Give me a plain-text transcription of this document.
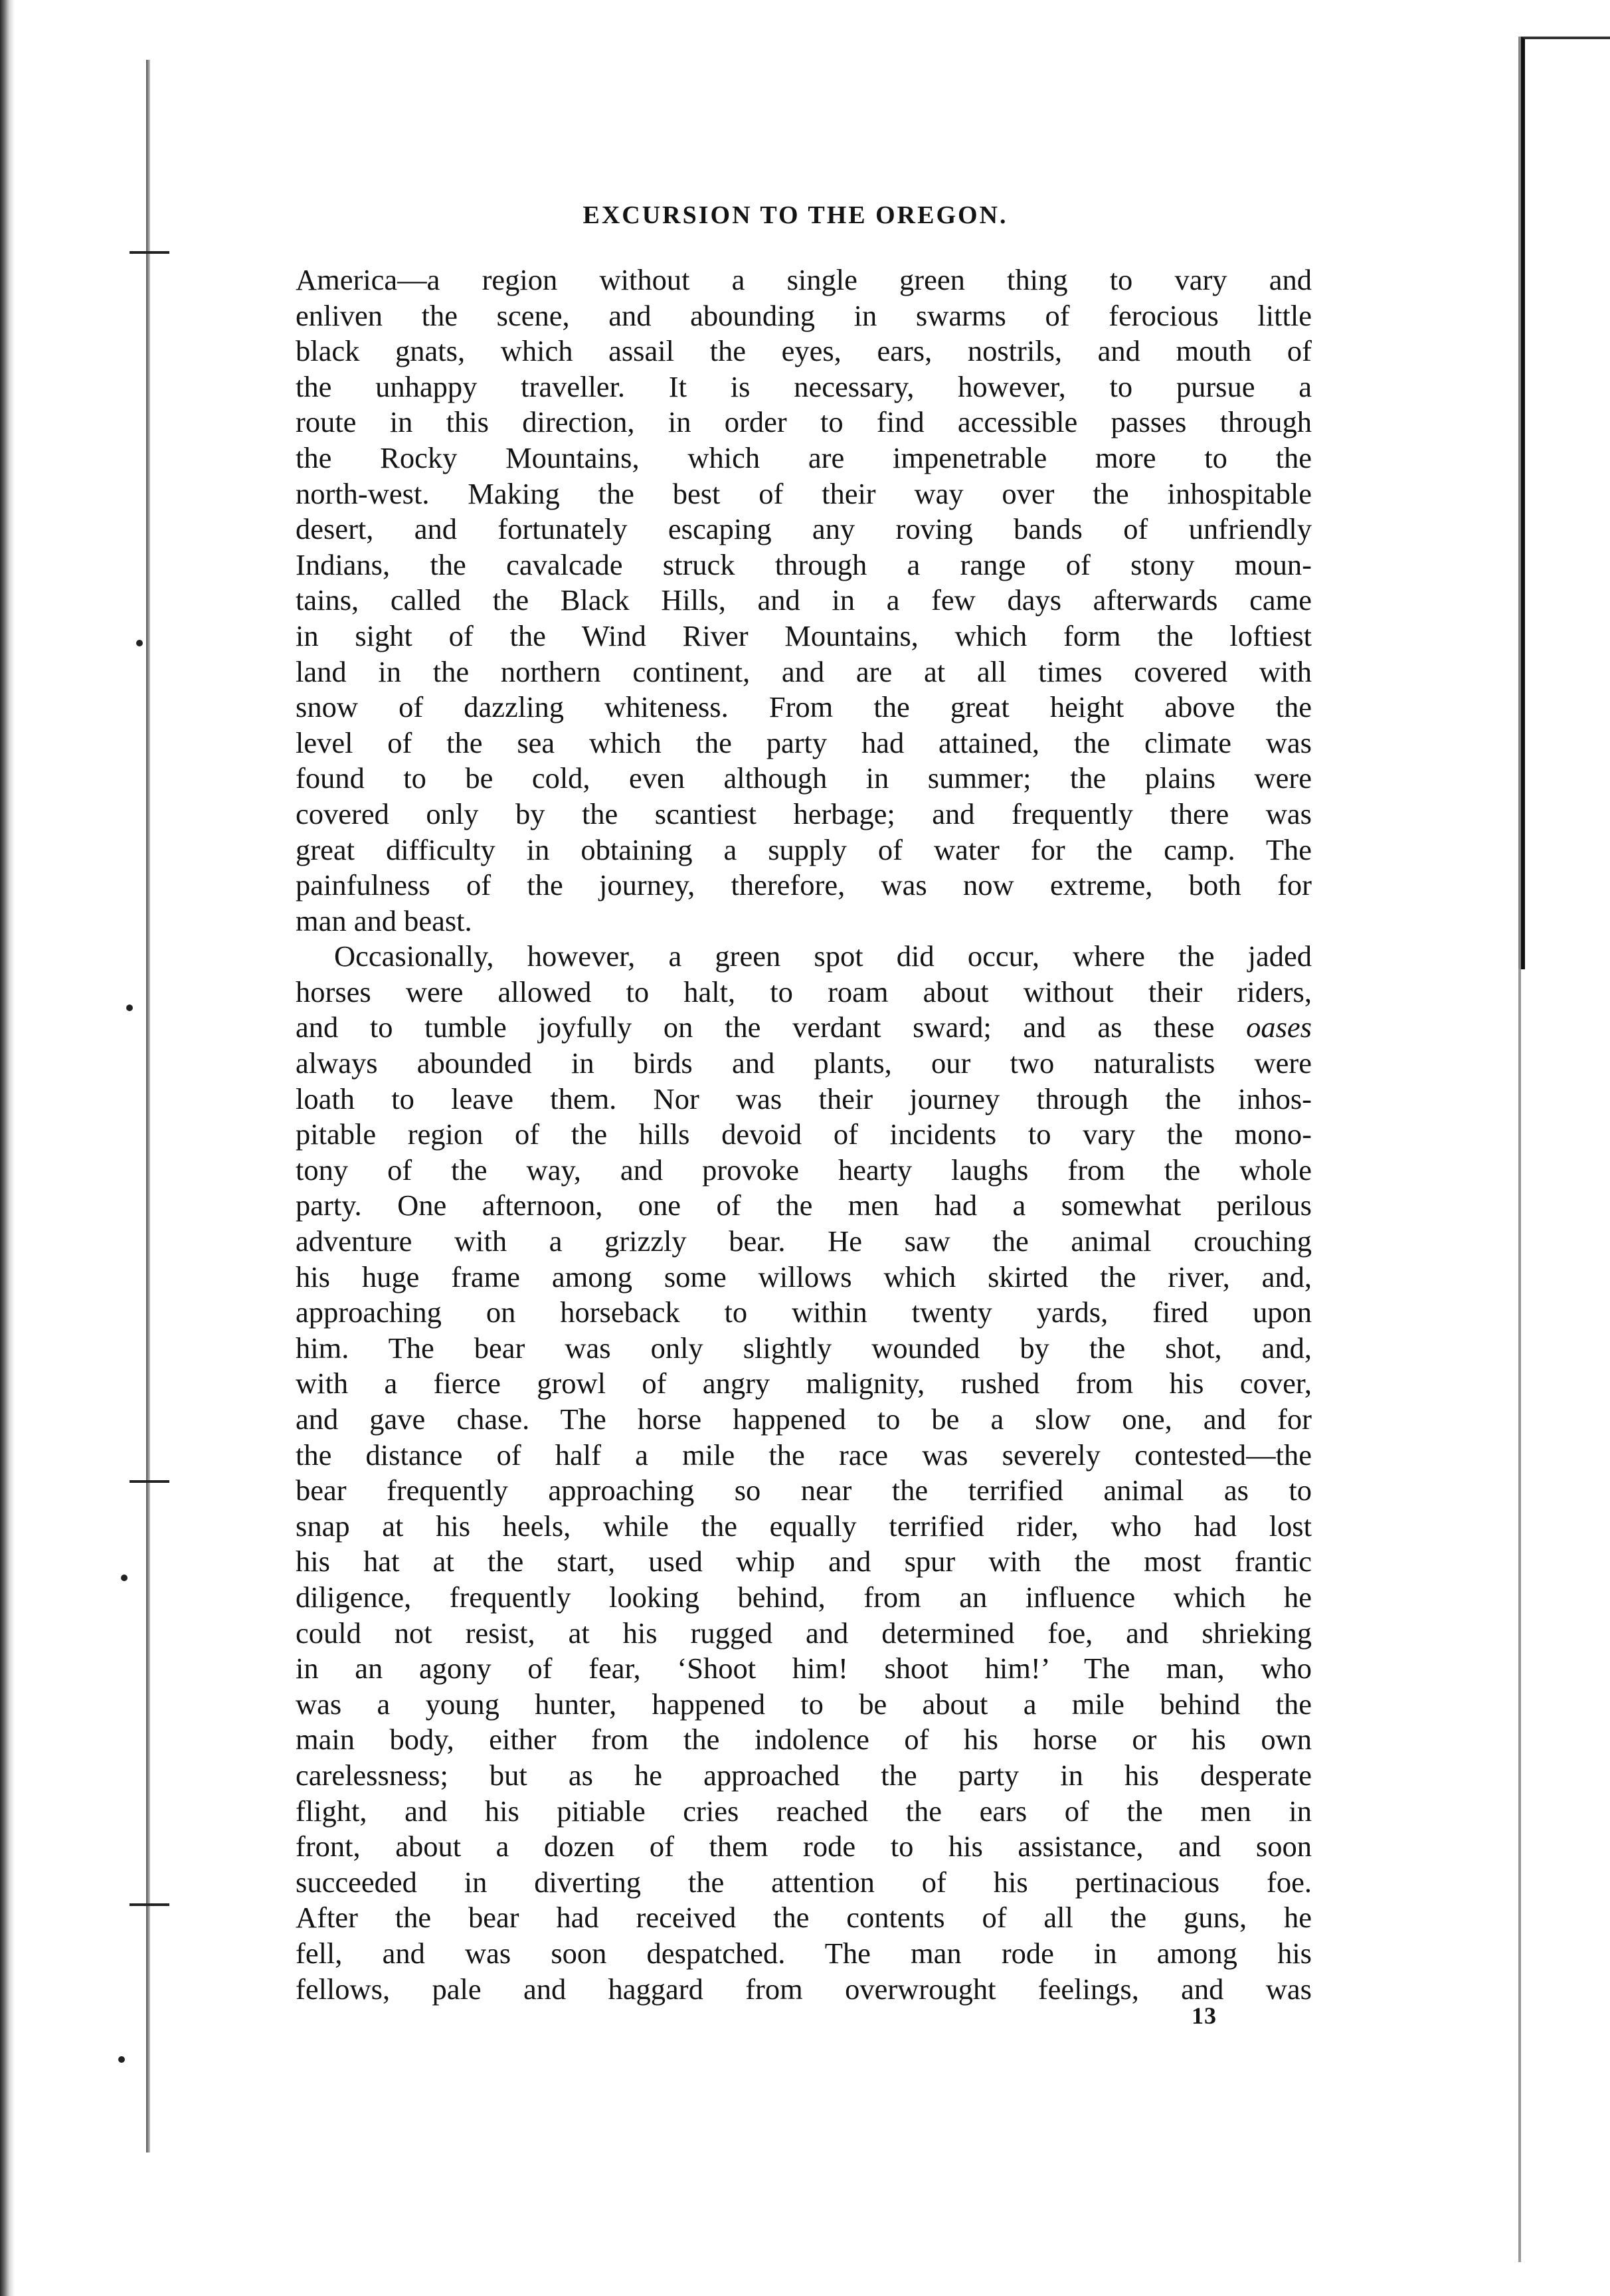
EXCURSION TO THE OREGON.
America—a region without a single green thing to vary and
enliven the scene, and abounding in swarms of ferocious little
black gnats, which assail the eyes, ears, nostrils, and mouth of
the unhappy traveller. It is necessary, however, to pursue a
route in this direction, in order to find accessible passes through
the Rocky Mountains, which are impenetrable more to the
north-west. Making the best of their way over the inhospitable
desert, and fortunately escaping any roving bands of unfriendly
Indians, the cavalcade struck through a range of stony moun-
tains, called the Black Hills, and in a few days afterwards came
in sight of the Wind River Mountains, which form the loftiest
land in the northern continent, and are at all times covered with
snow of dazzling whiteness. From the great height above the
level of the sea which the party had attained, the climate was
found to be cold, even although in summer; the plains were
covered only by the scantiest herbage; and frequently there was
great difficulty in obtaining a supply of water for the camp. The
painfulness of the journey, therefore, was now extreme, both for
man and beast.
Occasionally, however, a green spot did occur, where the jaded
horses were allowed to halt, to roam about without their riders,
and to tumble joyfully on the verdant sward; and as these oases
always abounded in birds and plants, our two naturalists were
loath to leave them. Nor was their journey through the inhos-
pitable region of the hills devoid of incidents to vary the mono-
tony of the way, and provoke hearty laughs from the whole
party. One afternoon, one of the men had a somewhat perilous
adventure with a grizzly bear. He saw the animal crouching
his huge frame among some willows which skirted the river, and,
approaching on horseback to within twenty yards, fired upon
him. The bear was only slightly wounded by the shot, and,
with a fierce growl of angry malignity, rushed from his cover,
and gave chase. The horse happened to be a slow one, and for
the distance of half a mile the race was severely contested—the
bear frequently approaching so near the terrified animal as to
snap at his heels, while the equally terrified rider, who had lost
his hat at the start, used whip and spur with the most frantic
diligence, frequently looking behind, from an influence which he
could not resist, at his rugged and determined foe, and shrieking
in an agony of fear, ‘Shoot him! shoot him!’ The man, who
was a young hunter, happened to be about a mile behind the
main body, either from the indolence of his horse or his own
carelessness; but as he approached the party in his desperate
flight, and his pitiable cries reached the ears of the men in
front, about a dozen of them rode to his assistance, and soon
succeeded in diverting the attention of his pertinacious foe.
After the bear had received the contents of all the guns, he
fell, and was soon despatched. The man rode in among his
fellows, pale and haggard from overwrought feelings, and was
13
